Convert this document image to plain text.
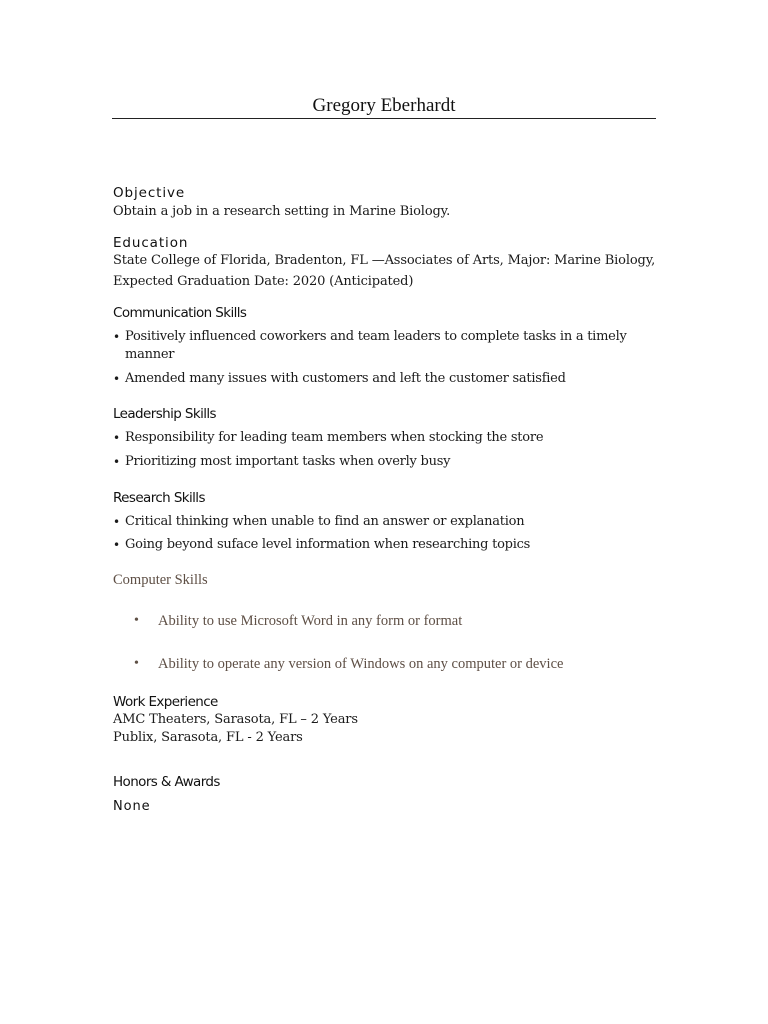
Gregory Eberhardt
Objective
Obtain a job in a research setting in Marine Biology.
Education
State College of Florida, Bradenton, FL —Associates of Arts, Major: Marine Biology,
Expected Graduation Date: 2020 (Anticipated)
Communication Skills
• Positively influenced coworkers and team leaders to complete tasks in a timely
manner
• Amended many issues with customers and left the customer satisfied
Leadership Skills
• Responsibility for leading team members when stocking the store
• Prioritizing most important tasks when overly busy
Research Skills
• Critical thinking when unable to find an answer or explanation
• Going beyond suface level information when researching topics
Computer Skills
• Ability to use Microsoft Word in any form or format
• Ability to operate any version of Windows on any computer or device
Work Experience
AMC Theaters, Sarasota, FL – 2 Years
Publix, Sarasota, FL - 2 Years
Honors & Awards
None
